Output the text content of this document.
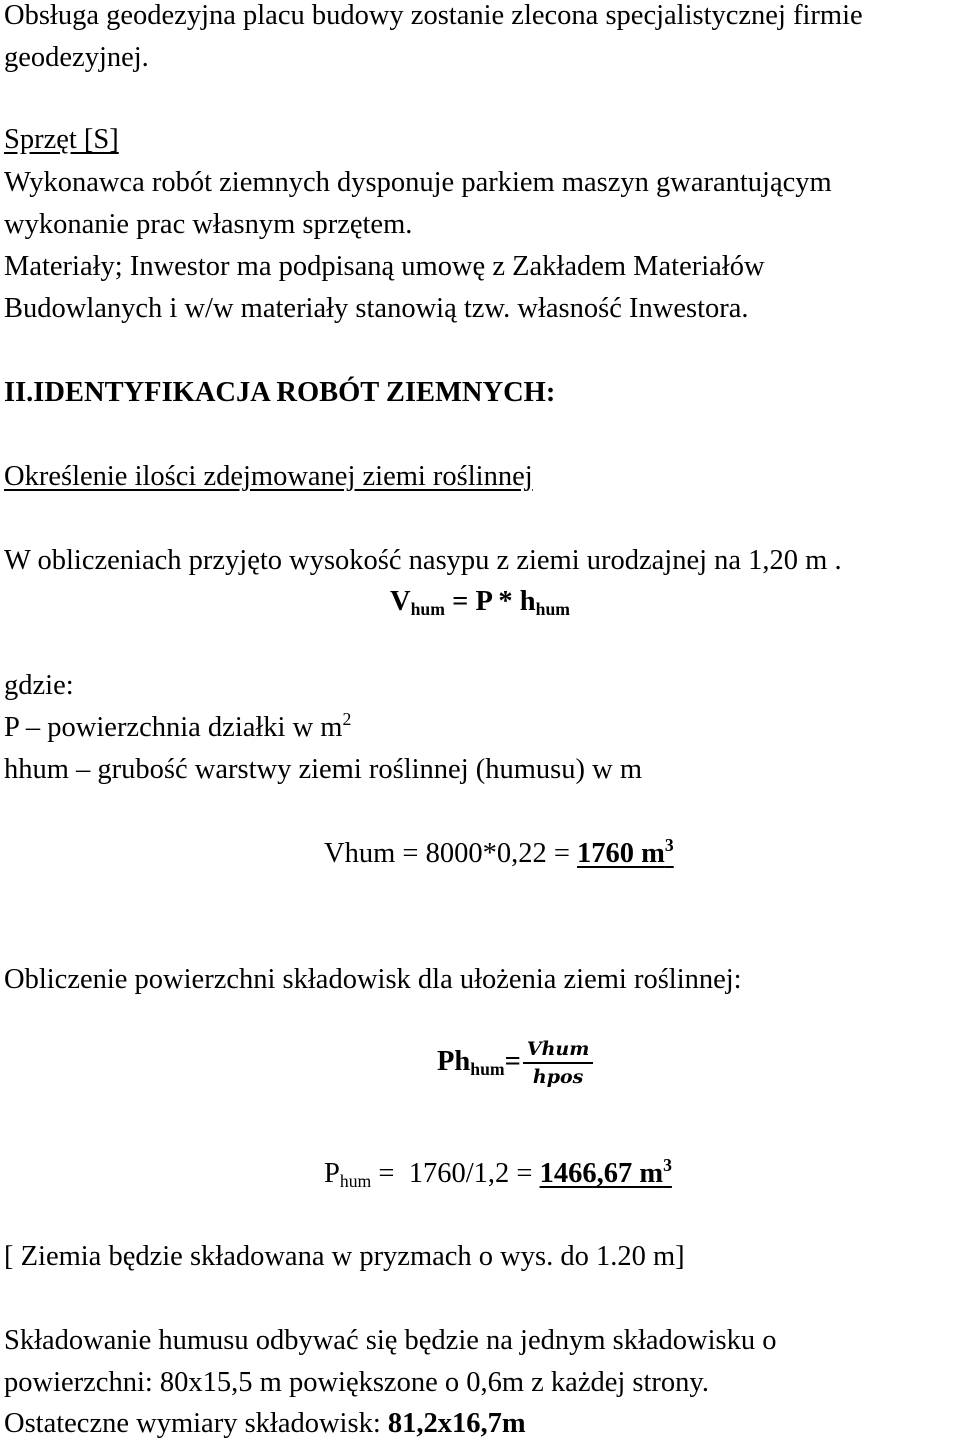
Obsługa geodezyjna placu budowy zostanie zlecona specjalistycznej firmie
geodezyjnej.
Sprzęt [S]
Wykonawca robót ziemnych dysponuje parkiem maszyn gwarantującym
wykonanie prac własnym sprzętem.
Materiały; Inwestor ma podpisaną umowę z Zakładem Materiałów
Budowlanych i w/w materiały stanowią tzw. własność Inwestora.
II.IDENTYFIKACJA ROBÓT ZIEMNYCH:
Określenie ilości zdejmowanej ziemi roślinnej
W obliczeniach przyjęto wysokość nasypu z ziemi urodzajnej na 1,20 m .
$V_{hum} = P * h_{hum}$
gdzie:
P – powierzchnia działki w $m^2$
hhum – grubość warstwy ziemi roślinnej (humusu) w m
Vhum = 8000*0,22 = 1760 $m^3$
Obliczenie powierzchni składowisk dla ułożenia ziemi roślinnej:
$Ph_{hum}= \frac{\text{Vhum}}{\text{hpos}}$
$P_{hum} = 1760/1,2 = 1466,67$ $m^3$
[ Ziemia będzie składowana w pryzmach o wys. do 1.20 m]
Składowanie humusu odbywać się będzie na jednym składowisku o
powierzchni: 80x15,5 m powiększone o 0,6m z każdej strony.
Ostateczne wymiary składowisk: 81,2x16,7m
